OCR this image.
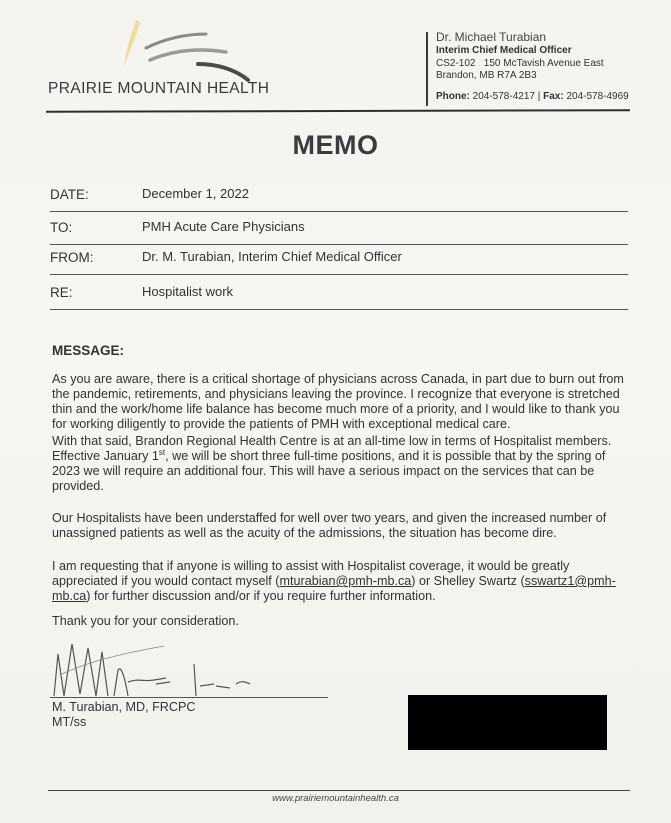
PRAIRIE MOUNTAIN HEALTH
Dr. Michael Turabian
Interim Chief Medical Officer
CS2-102   150 McTavish Avenue East
Brandon, MB R7A 2B3
Phone: 204-578-4217 | Fax: 204-578-4969
MEMO
DATE:	December 1, 2022
TO:	PMH Acute Care Physicians
FROM:	Dr. M. Turabian, Interim Chief Medical Officer
RE:	Hospitalist work
MESSAGE:

As you are aware, there is a critical shortage of physicians across Canada, in part due to burn out from the pandemic, retirements, and physicians leaving the province. I recognize that everyone is stretched thin and the work/home life balance has become much more of a priority, and I would like to thank you for working diligently to provide the patients of PMH with exceptional medical care.

With that said, Brandon Regional Health Centre is at an all-time low in terms of Hospitalist members. Effective January 1st, we will be short three full-time positions, and it is possible that by the spring of 2023 we will require an additional four. This will have a serious impact on the services that can be provided.

Our Hospitalists have been understaffed for well over two years, and given the increased number of unassigned patients as well as the acuity of the admissions, the situation has become dire.

I am requesting that if anyone is willing to assist with Hospitalist coverage, it would be greatly appreciated if you would contact myself (mturabian@pmh-mb.ca) or Shelley Swartz (sswartz1@pmh-mb.ca) for further discussion and/or if you require further information.

Thank you for your consideration.

M. Turabian, MD, FRCPC
MT/ss
www.prairiemountainhealth.ca
